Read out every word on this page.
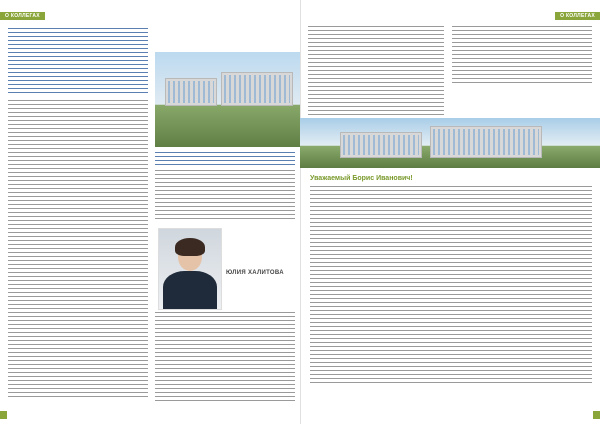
О КОЛЛЕГАХ
ЮЛИЯ ХАЛИТОВА

О КОЛЛЕГАХ
Уважаемый Борис Иванович!
